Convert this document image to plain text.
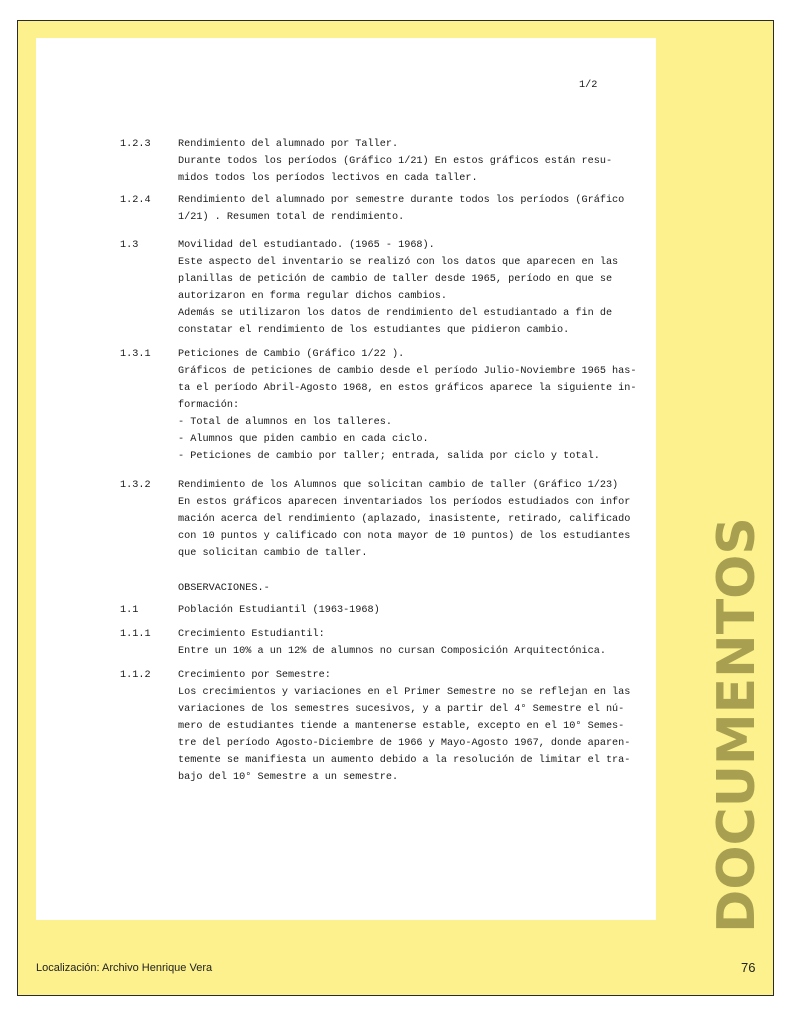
1/2
1.2.3	Rendimiento del alumnado por Taller.
Durante todos los períodos (Gráfico 1/21) En estos gráficos están resu-
midos todos los períodos lectivos en cada taller.
1.2.4	Rendimiento del alumnado por semestre durante todos los períodos (Gráfico
1/21) . Resumen total de rendimiento.
1.3	Movilidad del estudiantado. (1965 - 1968).
Este aspecto del inventario se realizó con los datos que aparecen en las
planillas de petición de cambio de taller desde 1965, período en que se
autorizaron en forma regular dichos cambios.
Además se utilizaron los datos de rendimiento del estudiantado a fin de
constatar el rendimiento de los estudiantes que pidieron cambio.
1.3.1	Peticiones de Cambio (Gráfico 1/22 ).
Gráficos de peticiones de cambio desde el período Julio-Noviembre 1965 has-
ta el período Abril-Agosto 1968, en estos gráficos aparece la siguiente in-
formación:
- Total de alumnos en los talleres.
- Alumnos que piden cambio en cada ciclo.
- Peticiones de cambio por taller; entrada, salida por ciclo y total.
1.3.2	Rendimiento de los Alumnos que solicitan cambio de taller (Gráfico 1/23)
En estos gráficos aparecen inventariados los períodos estudiados con infor
mación acerca del rendimiento (aplazado, inasistente, retirado, calificado
con 10 puntos y calificado con nota mayor de 10 puntos) de los estudiantes
que solicitan cambio de taller.
OBSERVACIONES.-
1.1	Población Estudiantil (1963-1968)
1.1.1	Crecimiento Estudiantil:
Entre un 10% a un 12% de alumnos no cursan Composición Arquitectónica.
1.1.2	Crecimiento por Semestre:
Los crecimientos y variaciones en el Primer Semestre no se reflejan en las
variaciones de los semestres sucesivos, y a partir del 4° Semestre el nú-
mero de estudiantes tiende a mantenerse estable, excepto en el 10° Semes-
tre del período Agosto-Diciembre de 1966 y Mayo-Agosto 1967, donde aparen-
temente se manifiesta un aumento debido a la resolución de limitar el tra-
bajo del 10° Semestre a un semestre.	DOCUMENTOS
Localización: Archivo Henrique Vera	76
